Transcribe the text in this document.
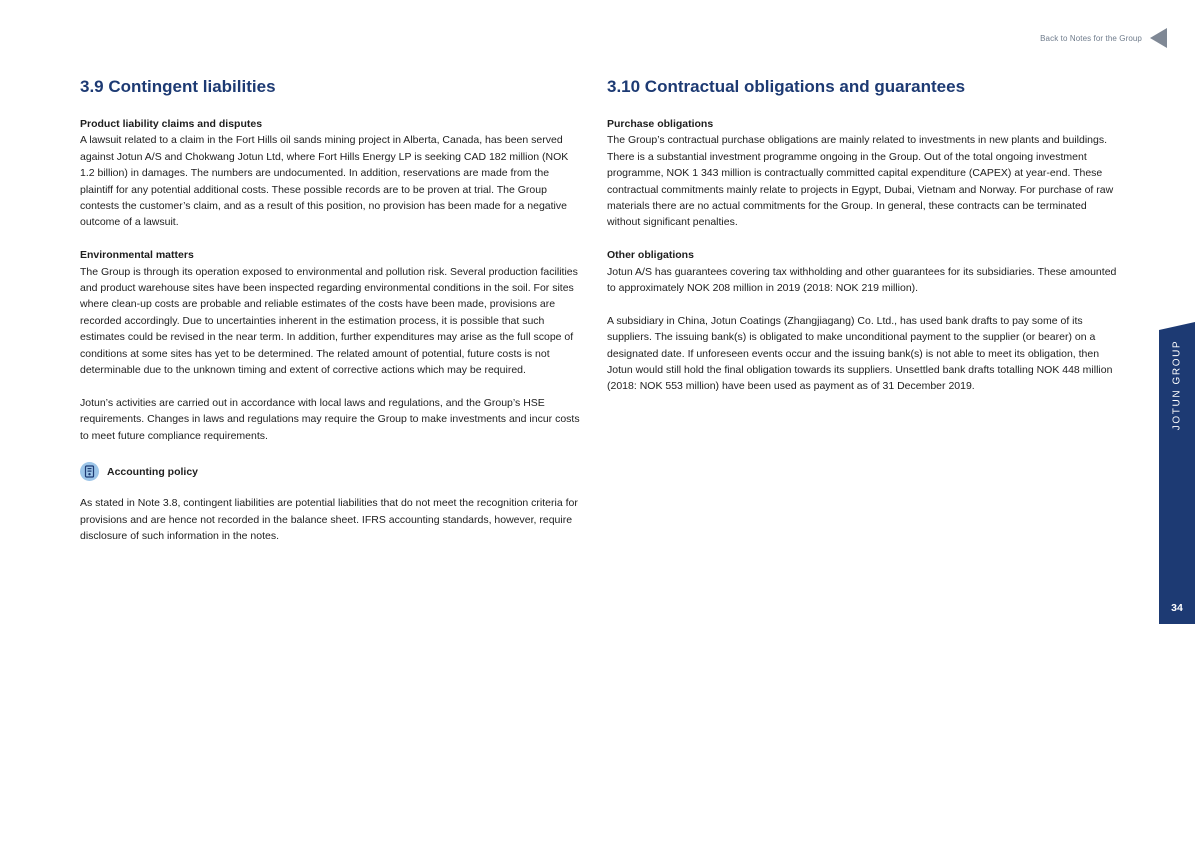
Back to Notes for the Group
3.9 Contingent liabilities
Product liability claims and disputes

A lawsuit related to a claim in the Fort Hills oil sands mining project in Alberta, Canada, has been served against Jotun A/S and Chokwang Jotun Ltd, where Fort Hills Energy LP is seeking CAD 182 million (NOK 1.2 billion) in damages. The numbers are undocumented. In addition, reservations are made from the plaintiff for any potential additional costs. These possible records are to be proven at trial. The Group contests the customer’s claim, and as a result of this position, no provision has been made for a negative outcome of a lawsuit.

Environmental matters

The Group is through its operation exposed to environmental and pollution risk. Several production facilities and product warehouse sites have been inspected regarding environmental conditions in the soil. For sites where clean-up costs are probable and reliable estimates of the costs have been made, provisions are recorded accordingly. Due to uncertainties inherent in the estimation process, it is possible that such estimates could be revised in the near term. In addition, further expenditures may arise as the full scope of conditions at some sites has yet to be determined. The related amount of potential, future costs is not determinable due to the unknown timing and extent of corrective actions which may be required.

Jotun’s activities are carried out in accordance with local laws and regulations, and the Group’s HSE requirements. Changes in laws and regulations may require the Group to make investments and incur costs to meet future compliance requirements.

Accounting policy

As stated in Note 3.8, contingent liabilities are potential liabilities that do not meet the recognition criteria for provisions and are hence not recorded in the balance sheet. IFRS accounting standards, however, require disclosure of such information in the notes.

3.10 Contractual obligations and guarantees
Purchase obligations

The Group’s contractual purchase obligations are mainly related to investments in new plants and buildings. There is a substantial investment programme ongoing in the Group. Out of the total ongoing investment programme, NOK 1 343 million is contractually committed capital expenditure (CAPEX) at year-end. These contractual commitments mainly relate to projects in Egypt, Dubai, Vietnam and Norway. For purchase of raw materials there are no actual commitments for the Group. In general, these contracts can be terminated without significant penalties.

Other obligations

Jotun A/S has guarantees covering tax withholding and other guarantees for its subsidiaries. These amounted to approximately NOK 208 million in 2019 (2018: NOK 219 million).

A subsidiary in China, Jotun Coatings (Zhangjiagang) Co. Ltd., has used bank drafts to pay some of its suppliers. The issuing bank(s) is obligated to make unconditional payment to the supplier (or bearer) on a designated date. If unforeseen events occur and the issuing bank(s) is not able to meet its obligation, then Jotun would still hold the final obligation towards its suppliers. Unsettled bank drafts totalling NOK 448 million (2018: NOK 553 million) have been used as payment as of 31 December 2019.	JOTUN GROUP
34
